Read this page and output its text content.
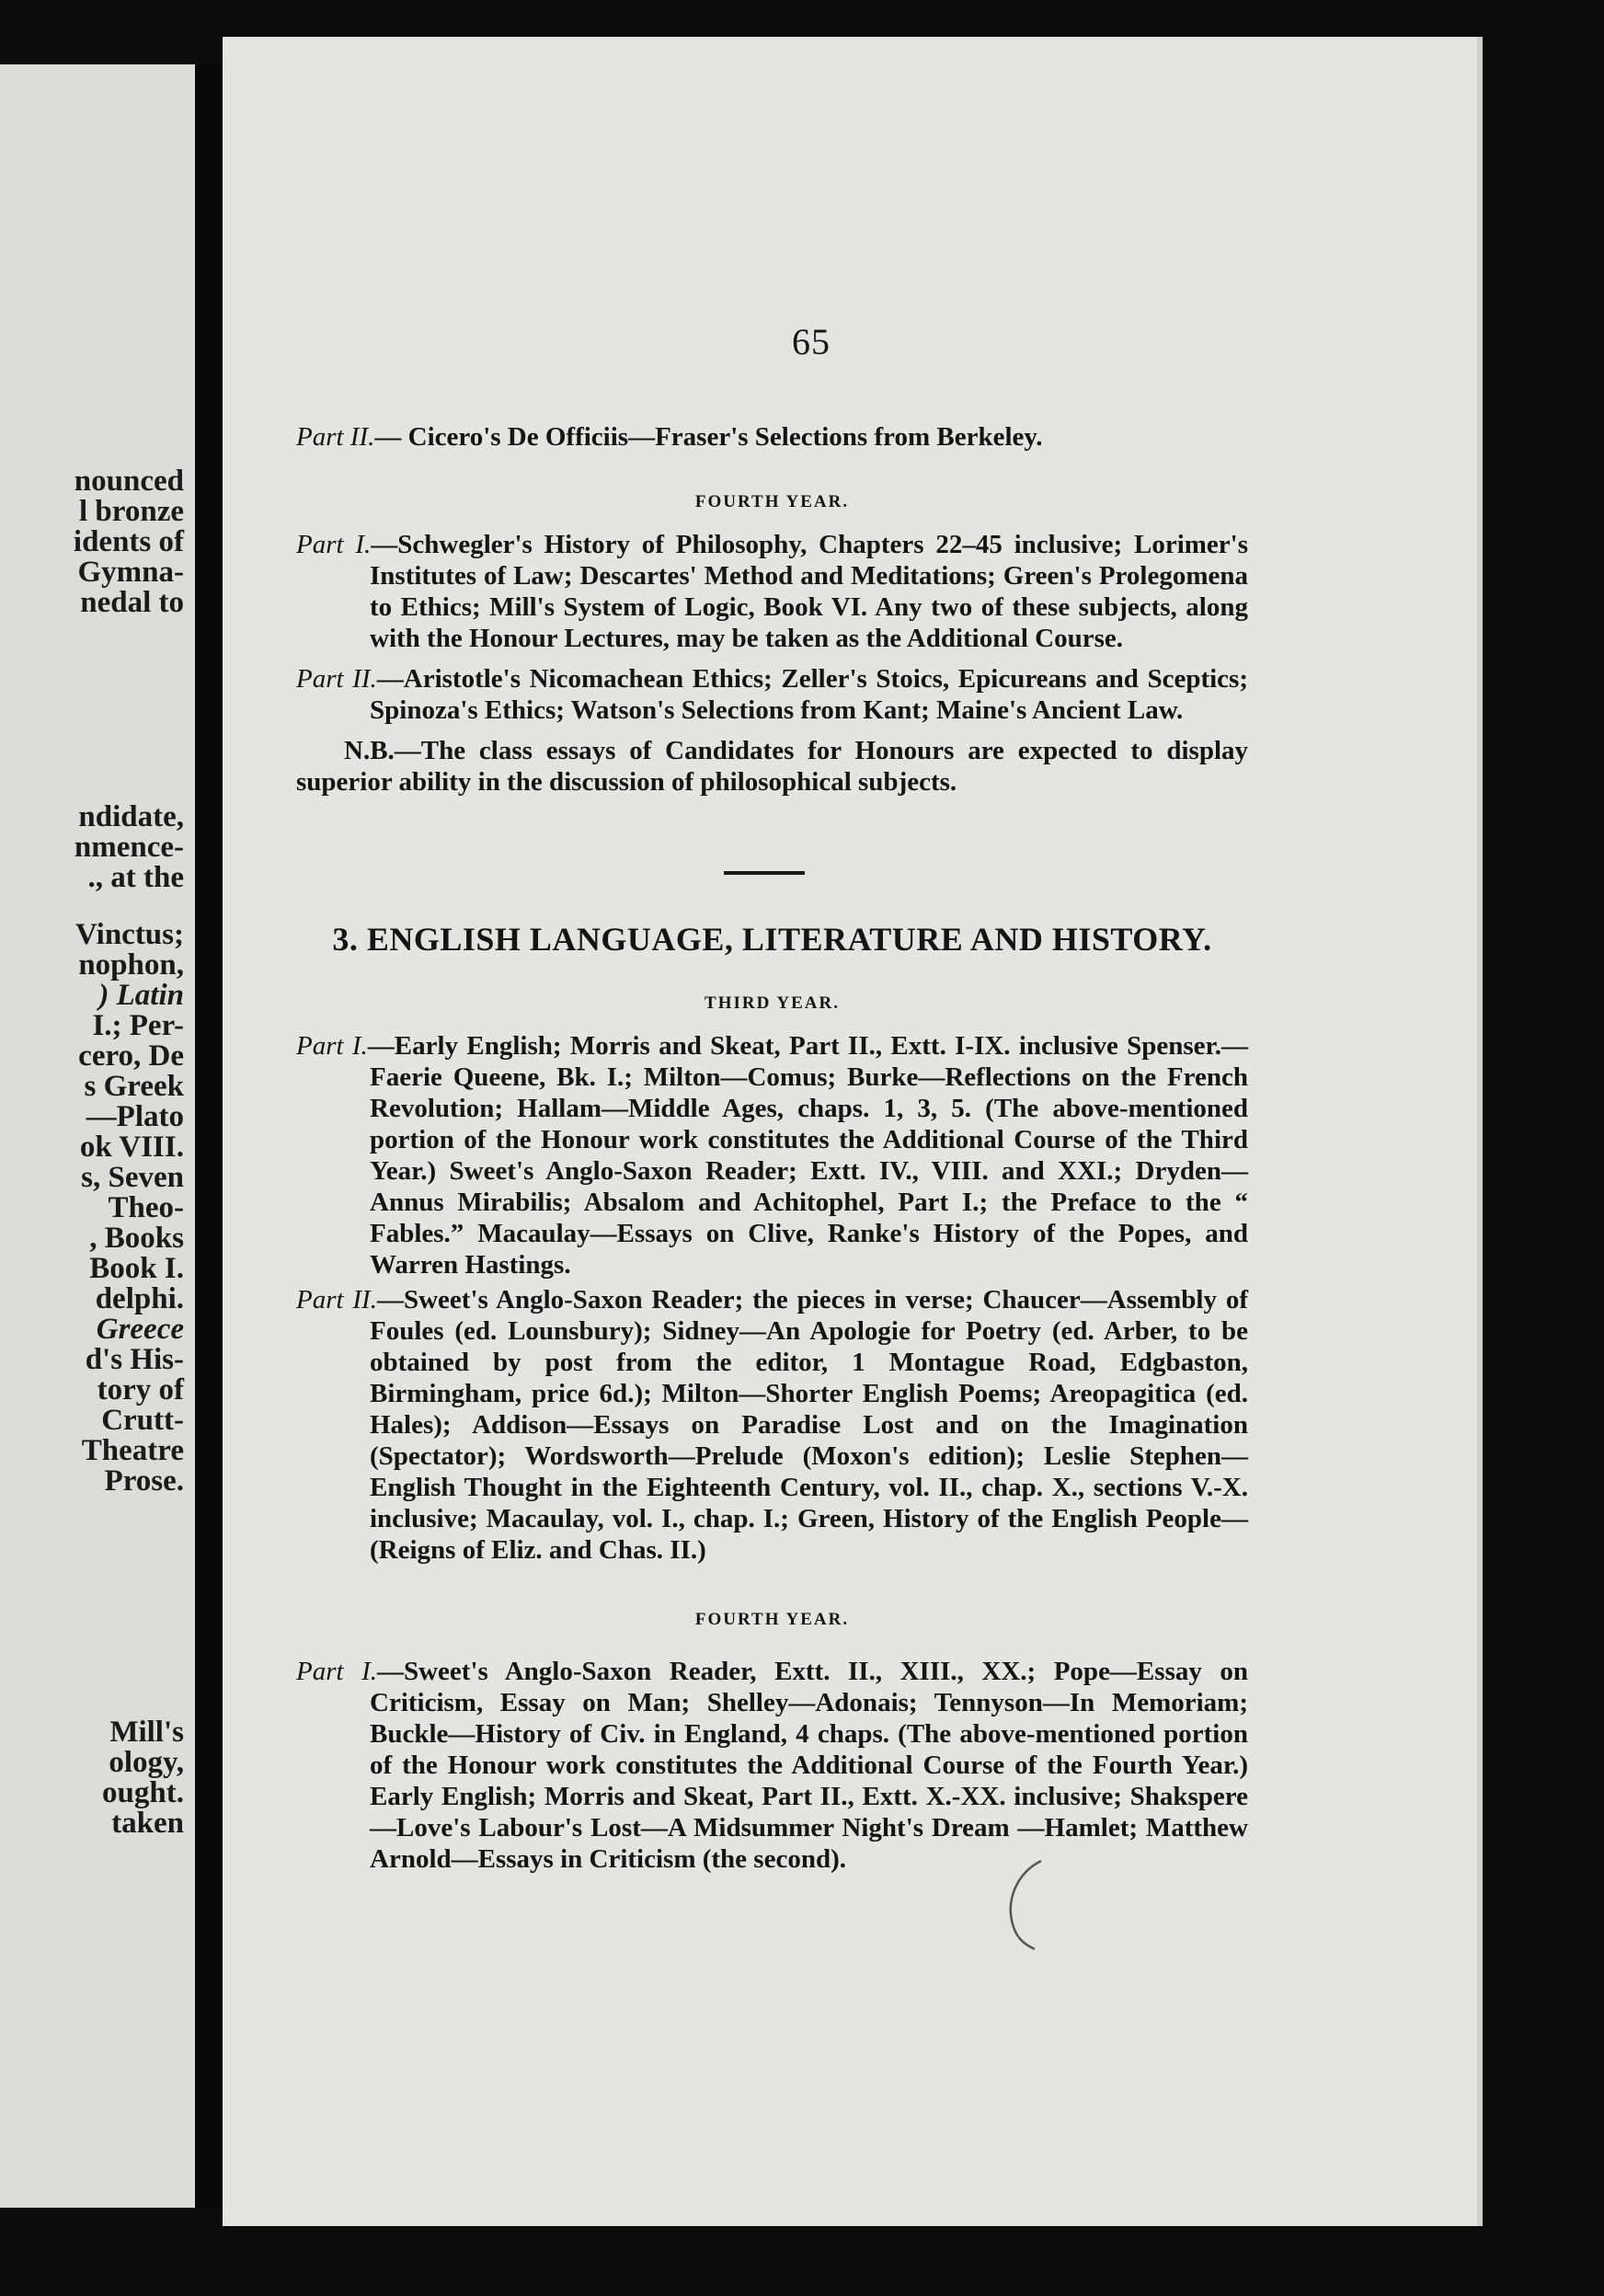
nounced
l bronze
idents of
Gymna-
nedal to
ndidate,
nmence-
., at the
Vinctus;
nophon,
) Latin
I.; Per-
cero, De
s Greek
—Plato
ok VIII.
s, Seven
Theo-
, Books
Book I.
delphi.
Greece
d's His-
tory of
Crutt-
Theatre
Prose.
Mill's
ology,
ought.
taken
65

Part II.— Cicero's De Officiis—Fraser's Selections from Berkeley.

FOURTH YEAR.

Part I.—Schwegler's History of Philosophy, Chapters 22–45 inclusive; Lorimer's Institutes of Law; Descartes' Method and Meditations; Green's Prolegomena to Ethics; Mill's System of Logic, Book VI. Any two of these subjects, along with the Honour Lectures, may be taken as the Additional Course.

Part II.—Aristotle's Nicomachean Ethics; Zeller's Stoics, Epicureans and Sceptics; Spinoza's Ethics; Watson's Selections from Kant; Maine's Ancient Law.

N.B.—The class essays of Candidates for Honours are expected to display superior ability in the discussion of philosophical subjects.

3. ENGLISH LANGUAGE, LITERATURE AND HISTORY.
THIRD YEAR.

Part I.—Early English; Morris and Skeat, Part II., Extt. I-IX. inclusive Spenser.—Faerie Queene, Bk. I.; Milton—Comus; Burke—Reflections on the French Revolution; Hallam—Middle Ages, chaps. 1, 3, 5. (The above-mentioned portion of the Honour work constitutes the Additional Course of the Third Year.) Sweet's Anglo-Saxon Reader; Extt. IV., VIII. and XXI.; Dryden—Annus Mirabilis; Absalom and Achitophel, Part I.; the Preface to the “ Fables.” Macaulay—Essays on Clive, Ranke's History of the Popes, and Warren Hastings.

Part II.—Sweet's Anglo-Saxon Reader; the pieces in verse; Chaucer—Assembly of Foules (ed. Lounsbury); Sidney—An Apologie for Poetry (ed. Arber, to be obtained by post from the editor, 1 Montague Road, Edgbaston, Birmingham, price 6d.); Milton—Shorter English Poems; Areopagitica (ed. Hales); Addison—Essays on Paradise Lost and on the Imagination (Spectator); Wordsworth—Prelude (Moxon's edition); Leslie Stephen—English Thought in the Eighteenth Century, vol. II., chap. X., sections V.-X. inclusive; Macaulay, vol. I., chap. I.; Green, History of the English People—(Reigns of Eliz. and Chas. II.)

FOURTH YEAR.

Part I.—Sweet's Anglo-Saxon Reader, Extt. II., XIII., XX.; Pope—Essay on Criticism, Essay on Man; Shelley—Adonais; Tennyson—In Memoriam; Buckle—History of Civ. in England, 4 chaps. (The above-mentioned portion of the Honour work constitutes the Additional Course of the Fourth Year.) Early English; Morris and Skeat, Part II., Extt. X.-XX. inclusive; Shakspere—Love's Labour's Lost—A Midsummer Night's Dream —Hamlet; Matthew Arnold—Essays in Criticism (the second).
